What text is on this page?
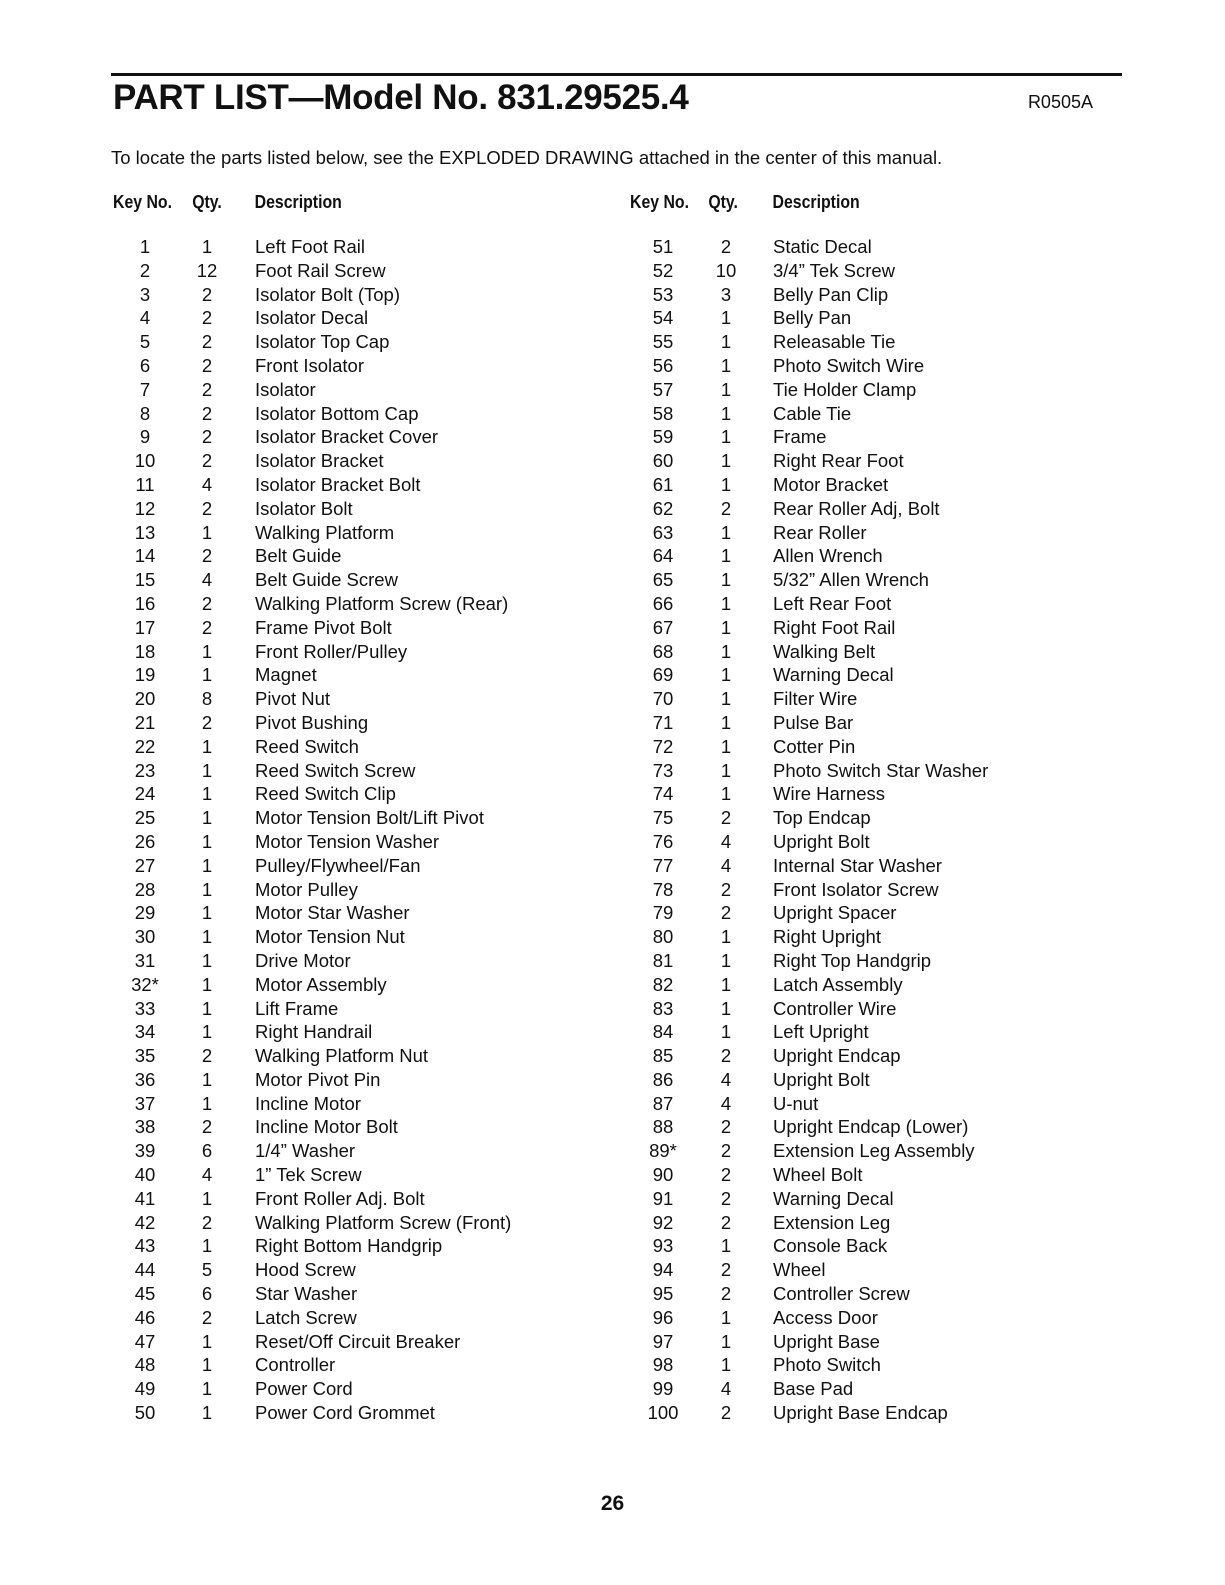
PART LIST—Model No. 831.29525.4	R0505A
To locate the parts listed below, see the EXPLODED DRAWING attached in the center of this manual.
Key No. Qty. Description
1	1	Left Foot Rail
2	12	Foot Rail Screw
3	2	Isolator Bolt (Top)
4	2	Isolator Decal
5	2	Isolator Top Cap
6	2	Front Isolator
7	2	Isolator
8	2	Isolator Bottom Cap
9	2	Isolator Bracket Cover
10	2	Isolator Bracket
11	4	Isolator Bracket Bolt
12	2	Isolator Bolt
13	1	Walking Platform
14	2	Belt Guide
15	4	Belt Guide Screw
16	2	Walking Platform Screw (Rear)
17	2	Frame Pivot Bolt
18	1	Front Roller/Pulley
19	1	Magnet
20	8	Pivot Nut
21	2	Pivot Bushing
22	1	Reed Switch
23	1	Reed Switch Screw
24	1	Reed Switch Clip
25	1	Motor Tension Bolt/Lift Pivot
26	1	Motor Tension Washer
27	1	Pulley/Flywheel/Fan
28	1	Motor Pulley
29	1	Motor Star Washer
30	1	Motor Tension Nut
31	1	Drive Motor
32*	1	Motor Assembly
33	1	Lift Frame
34	1	Right Handrail
35	2	Walking Platform Nut
36	1	Motor Pivot Pin
37	1	Incline Motor
38	2	Incline Motor Bolt
39	6	1/4” Washer
40	4	1” Tek Screw
41	1	Front Roller Adj. Bolt
42	2	Walking Platform Screw (Front)
43	1	Right Bottom Handgrip
44	5	Hood Screw
45	6	Star Washer
46	2	Latch Screw
47	1	Reset/Off Circuit Breaker
48	1	Controller
49	1	Power Cord
50	1	Power Cord Grommet
Key No. Qty. Description
51	2	Static Decal
52	10	3/4” Tek Screw
53	3	Belly Pan Clip
54	1	Belly Pan
55	1	Releasable Tie
56	1	Photo Switch Wire
57	1	Tie Holder Clamp
58	1	Cable Tie
59	1	Frame
60	1	Right Rear Foot
61	1	Motor Bracket
62	2	Rear Roller Adj, Bolt
63	1	Rear Roller
64	1	Allen Wrench
65	1	5/32” Allen Wrench
66	1	Left Rear Foot
67	1	Right Foot Rail
68	1	Walking Belt
69	1	Warning Decal
70	1	Filter Wire
71	1	Pulse Bar
72	1	Cotter Pin
73	1	Photo Switch Star Washer
74	1	Wire Harness
75	2	Top Endcap
76	4	Upright Bolt
77	4	Internal Star Washer
78	2	Front Isolator Screw
79	2	Upright Spacer
80	1	Right Upright
81	1	Right Top Handgrip
82	1	Latch Assembly
83	1	Controller Wire
84	1	Left Upright
85	2	Upright Endcap
86	4	Upright Bolt
87	4	U-nut
88	2	Upright Endcap (Lower)
89*	2	Extension Leg Assembly
90	2	Wheel Bolt
91	2	Warning Decal
92	2	Extension Leg
93	1	Console Back
94	2	Wheel
95	2	Controller Screw
96	1	Access Door
97	1	Upright Base
98	1	Photo Switch
99	4	Base Pad
100	2	Upright Base Endcap
26
